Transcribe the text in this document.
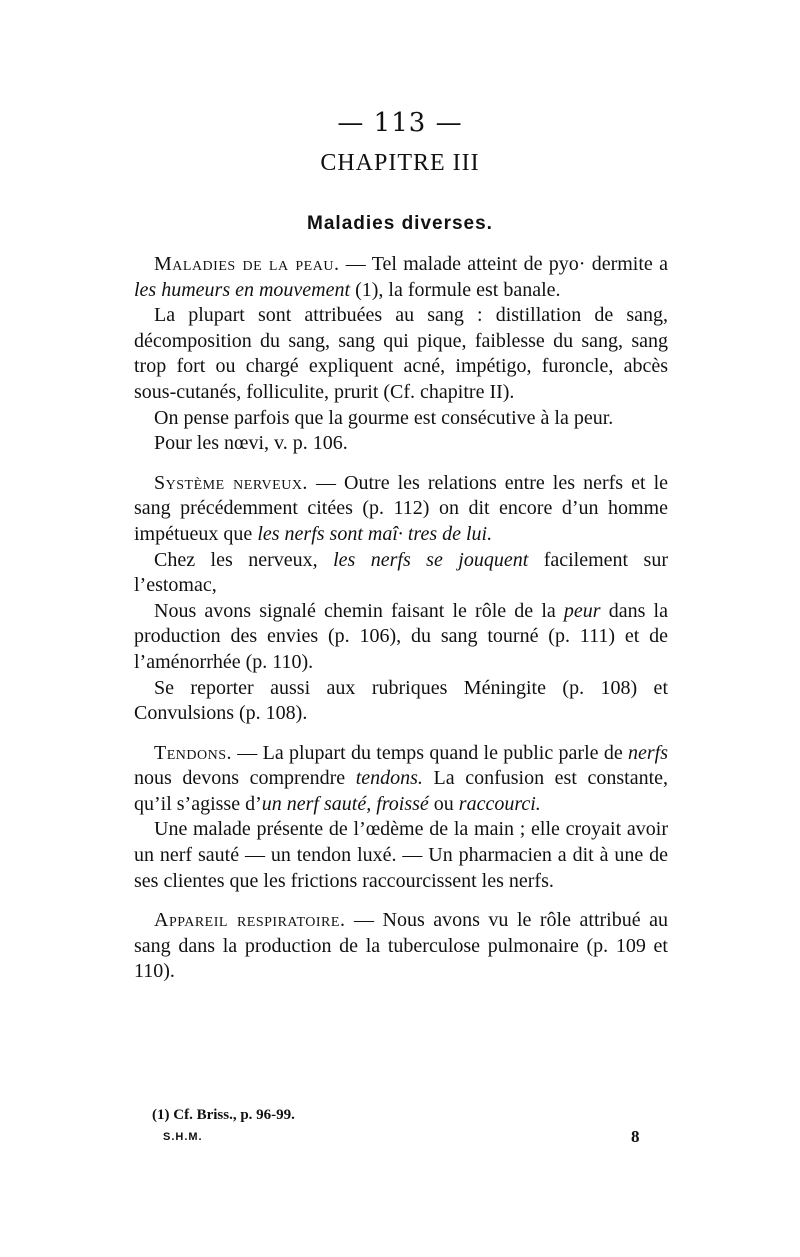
— 113 —
CHAPITRE III
Maladies diverses.

Maladies de la peau. — Tel malade atteint de pyo· dermite a les humeurs en mouvement (1), la formule est banale.

La plupart sont attribuées au sang : distillation de sang, décomposition du sang, sang qui pique, faiblesse du sang, sang trop fort ou chargé expliquent acné, impétigo, furoncle, abcès sous-cutanés, folliculite, prurit (Cf. chapitre II).

On pense parfois que la gourme est consécutive à la peur.

Pour les nœvi, v. p. 106.

Système nerveux. — Outre les relations entre les nerfs et le sang précédemment citées (p. 112) on dit encore d’un homme impétueux que les nerfs sont maî· tres de lui.

Chez les nerveux, les nerfs se jouquent facilement sur l’estomac,

Nous avons signalé chemin faisant le rôle de la peur dans la production des envies (p. 106), du sang tourné (p. 111) et de l’aménorrhée (p. 110).

Se reporter aussi aux rubriques Méningite (p. 108) et Convulsions (p. 108).

Tendons. — La plupart du temps quand le public parle de nerfs nous devons comprendre tendons. La confusion est constante, qu’il s’agisse d’un nerf sauté, froissé ou raccourci.

Une malade présente de l’œdème de la main ; elle croyait avoir un nerf sauté — un tendon luxé. — Un pharmacien a dit à une de ses clientes que les frictions raccourcissent les nerfs.

Appareil respiratoire. — Nous avons vu le rôle attribué au sang dans la production de la tuberculose pulmonaire (p. 109 et 110).

(1) Cf. Briss., p. 96-99.
S.H.M.	8
